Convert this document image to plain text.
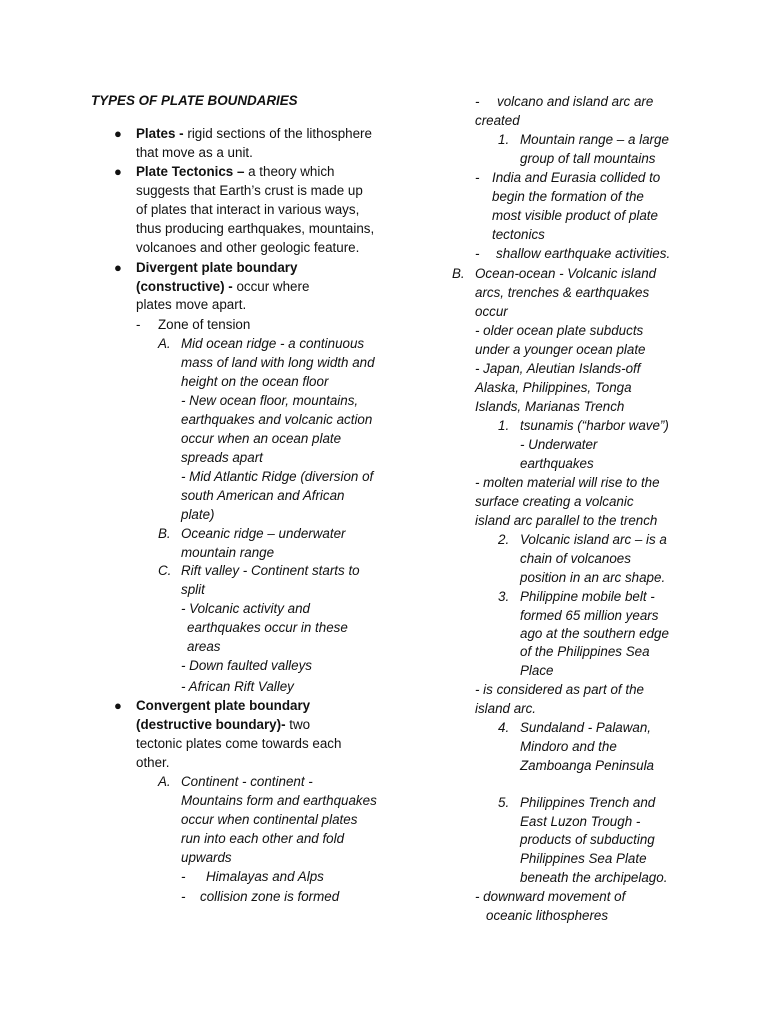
TYPES OF PLATE BOUNDARIES
● Plates - rigid sections of the lithosphere
that move as a unit.
● Plate Tectonics – a theory which
suggests that Earth’s crust is made up
of plates that interact in various ways,
thus producing earthquakes, mountains,
volcanoes and other geologic feature.
● Divergent plate boundary
(constructive) - occur where
plates move apart.
- Zone of tension
A. Mid ocean ridge - a continuous
mass of land with long width and
height on the ocean floor
- New ocean floor, mountains,
earthquakes and volcanic action
occur when an ocean plate
spreads apart
- Mid Atlantic Ridge (diversion of
south American and African
plate)
B. Oceanic ridge – underwater
mountain range
C. Rift valley - Continent starts to
split
- Volcanic activity and
earthquakes occur in these
areas
- Down faulted valleys
- African Rift Valley
● Convergent plate boundary
(destructive boundary)- two
tectonic plates come towards each
other.
A. Continent - continent -
Mountains form and earthquakes
occur when continental plates
run into each other and fold
upwards
- Himalayas and Alps
- collision zone is formed
- volcano and island arc are
created
1. Mountain range – a large
group of tall mountains
- India and Eurasia collided to
begin the formation of the
most visible product of plate
tectonics
- shallow earthquake activities.
B. Ocean-ocean - Volcanic island
arcs, trenches & earthquakes
occur
- older ocean plate subducts
under a younger ocean plate
- Japan, Aleutian Islands-off
Alaska, Philippines, Tonga
Islands, Marianas Trench
1. tsunamis (“harbor wave”)
- Underwater
earthquakes
- molten material will rise to the
surface creating a volcanic
island arc parallel to the trench
2. Volcanic island arc – is a
chain of volcanoes
position in an arc shape.
3. Philippine mobile belt -
formed 65 million years
ago at the southern edge
of the Philippines Sea
Place
- is considered as part of the
island arc.
4. Sundaland - Palawan,
Mindoro and the
Zamboanga Peninsula
5. Philippines Trench and
East Luzon Trough -
products of subducting
Philippines Sea Plate
beneath the archipelago.
- downward movement of
oceanic lithospheres
